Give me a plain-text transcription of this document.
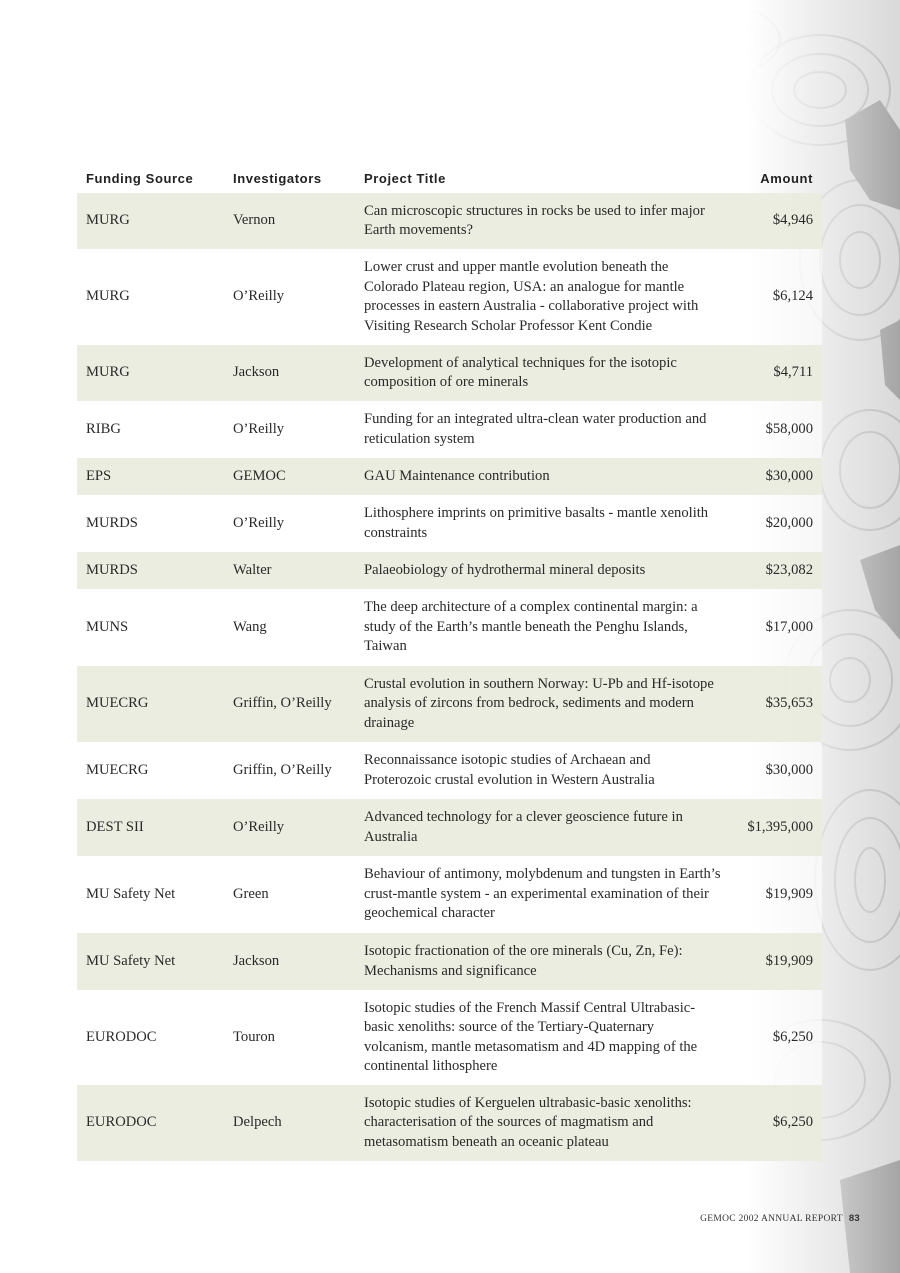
Funding Source	Investigators	Project Title	Amount
MURG	Vernon	Can microscopic structures in rocks be used to infer major Earth movements?	$4,946
MURG	O’Reilly	Lower crust and upper mantle evolution beneath the Colorado Plateau region, USA: an analogue for mantle processes in eastern Australia - collaborative project with Visiting Research Scholar Professor Kent Condie	$6,124
MURG	Jackson	Development of analytical techniques for the isotopic composition of ore minerals	$4,711
RIBG	O’Reilly	Funding for an integrated ultra-clean water production and reticulation system	$58,000
EPS	GEMOC	GAU Maintenance contribution	$30,000
MURDS	O’Reilly	Lithosphere imprints on primitive basalts - mantle xenolith constraints	$20,000
MURDS	Walter	Palaeobiology of hydrothermal mineral deposits	$23,082
MUNS	Wang	The deep architecture of a complex continental margin: a study of the Earth’s mantle beneath the Penghu Islands, Taiwan	$17,000
MUECRG	Griffin, O’Reilly	Crustal evolution in southern Norway: U-Pb and Hf-isotope analysis of zircons from bedrock, sediments and modern drainage	$35,653
MUECRG	Griffin, O’Reilly	Reconnaissance isotopic studies of Archaean and Proterozoic crustal evolution in Western Australia	$30,000
DEST SII	O’Reilly	Advanced technology for a clever geoscience future in Australia	$1,395,000
MU Safety Net	Green	Behaviour of antimony, molybdenum and tungsten in Earth’s crust-mantle system - an experimental examination of their geochemical character	$19,909
MU Safety Net	Jackson	Isotopic fractionation of the ore minerals (Cu, Zn, Fe): Mechanisms and significance	$19,909
EURODOC	Touron	Isotopic studies of the French Massif Central Ultrabasic-basic xenoliths: source of the Tertiary-Quaternary volcanism, mantle metasomatism and 4D mapping of the continental lithosphere	$6,250
EURODOC	Delpech	Isotopic studies of Kerguelen ultrabasic-basic xenoliths: characterisation of the sources of magmatism and metasomatism beneath an oceanic plateau	$6,250
GEMOC 2002 ANNUAL REPORT 83
